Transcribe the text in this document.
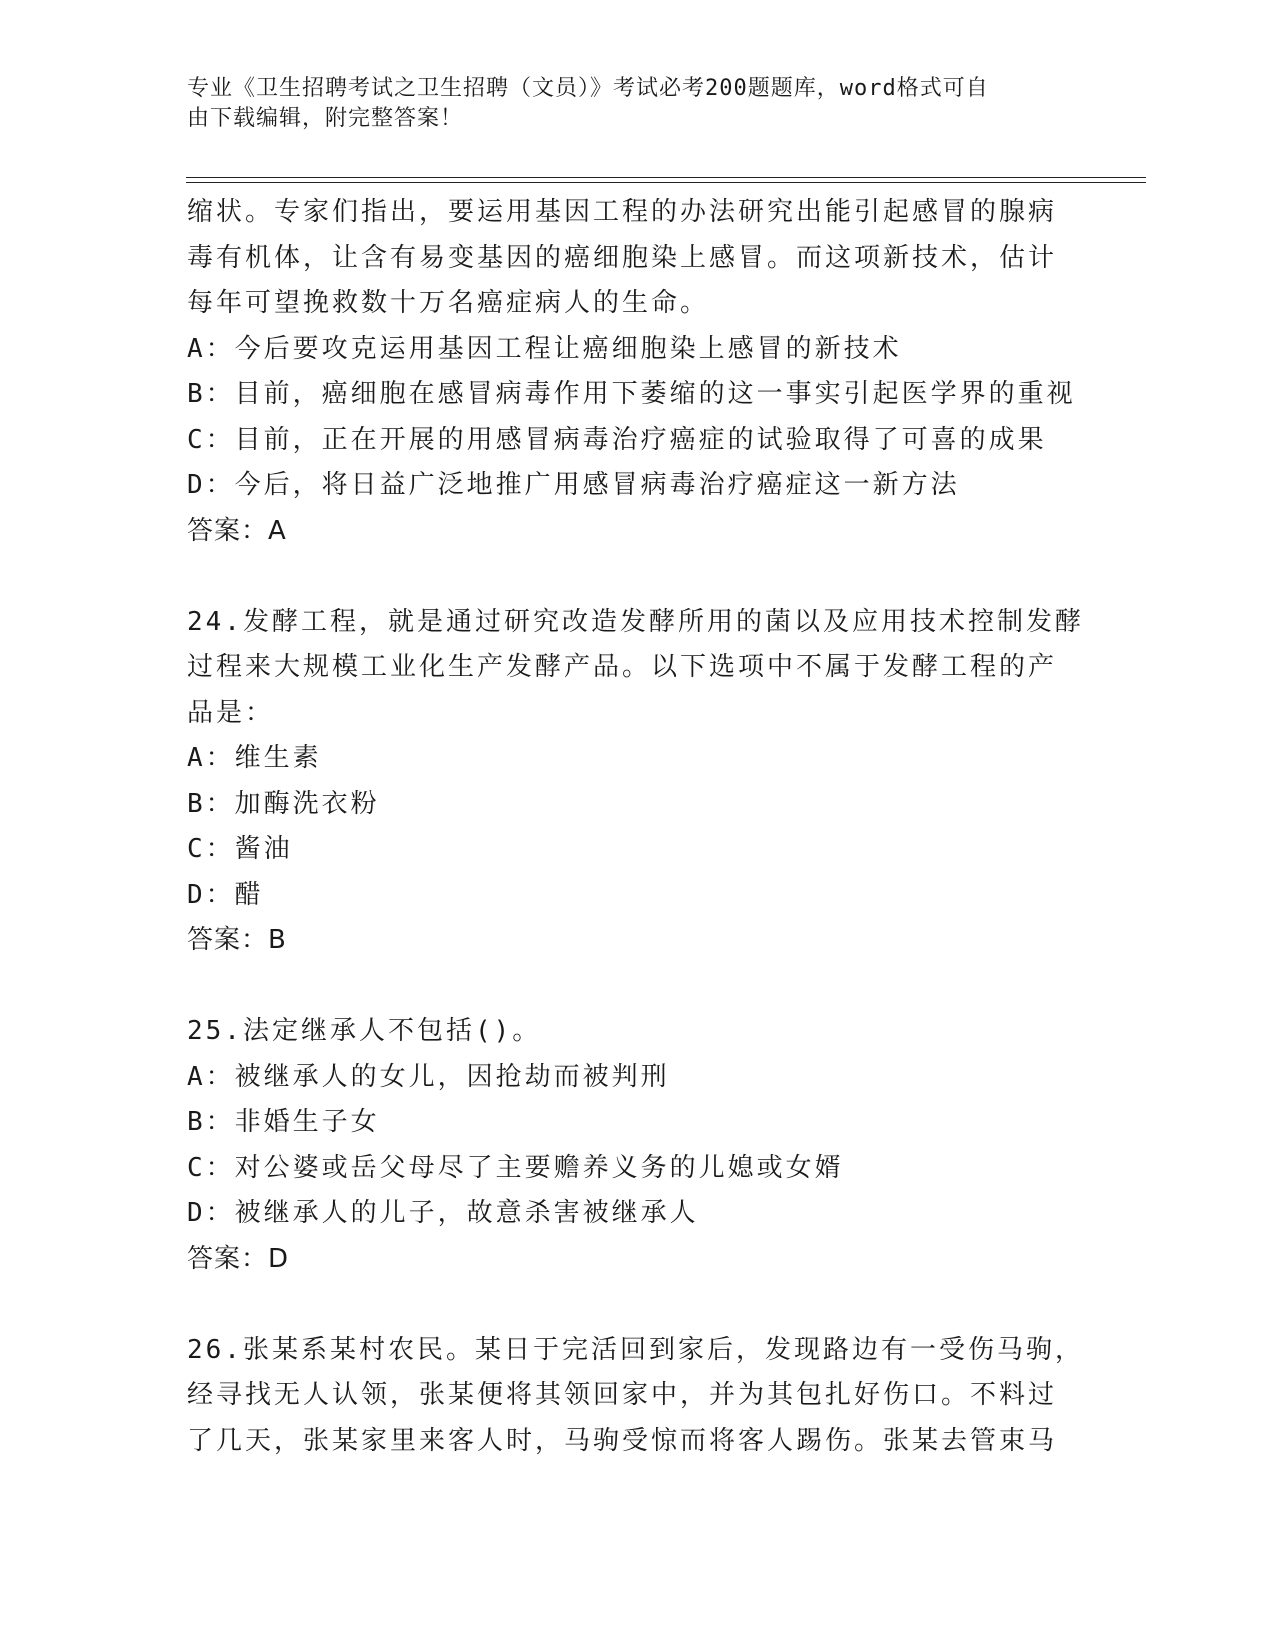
专业《卫生招聘考试之卫生招聘（文员）》考试必考200题题库，word格式可自
由下载编辑，附完整答案！
缩状。专家们指出，要运用基因工程的办法研究出能引起感冒的腺病
毒有机体，让含有易变基因的癌细胞染上感冒。而这项新技术，估计
每年可望挽救数十万名癌症病人的生命。
A：今后要攻克运用基因工程让癌细胞染上感冒的新技术
B：目前，癌细胞在感冒病毒作用下萎缩的这一事实引起医学界的重视
C：目前，正在开展的用感冒病毒治疗癌症的试验取得了可喜的成果
D：今后，将日益广泛地推广用感冒病毒治疗癌症这一新方法
答案：A
24.发酵工程，就是通过研究改造发酵所用的菌以及应用技术控制发酵
过程来大规模工业化生产发酵产品。以下选项中不属于发酵工程的产
品是：
A：维生素
B：加酶洗衣粉
C：酱油
D：醋
答案：B
25.法定继承人不包括()。
A：被继承人的女儿，因抢劫而被判刑
B：非婚生子女
C：对公婆或岳父母尽了主要赡养义务的儿媳或女婿
D：被继承人的儿子，故意杀害被继承人
答案：D
26.张某系某村农民。某日于完活回到家后，发现路边有一受伤马驹，
经寻找无人认领，张某便将其领回家中，并为其包扎好伤口。不料过
了几天，张某家里来客人时，马驹受惊而将客人踢伤。张某去管束马
